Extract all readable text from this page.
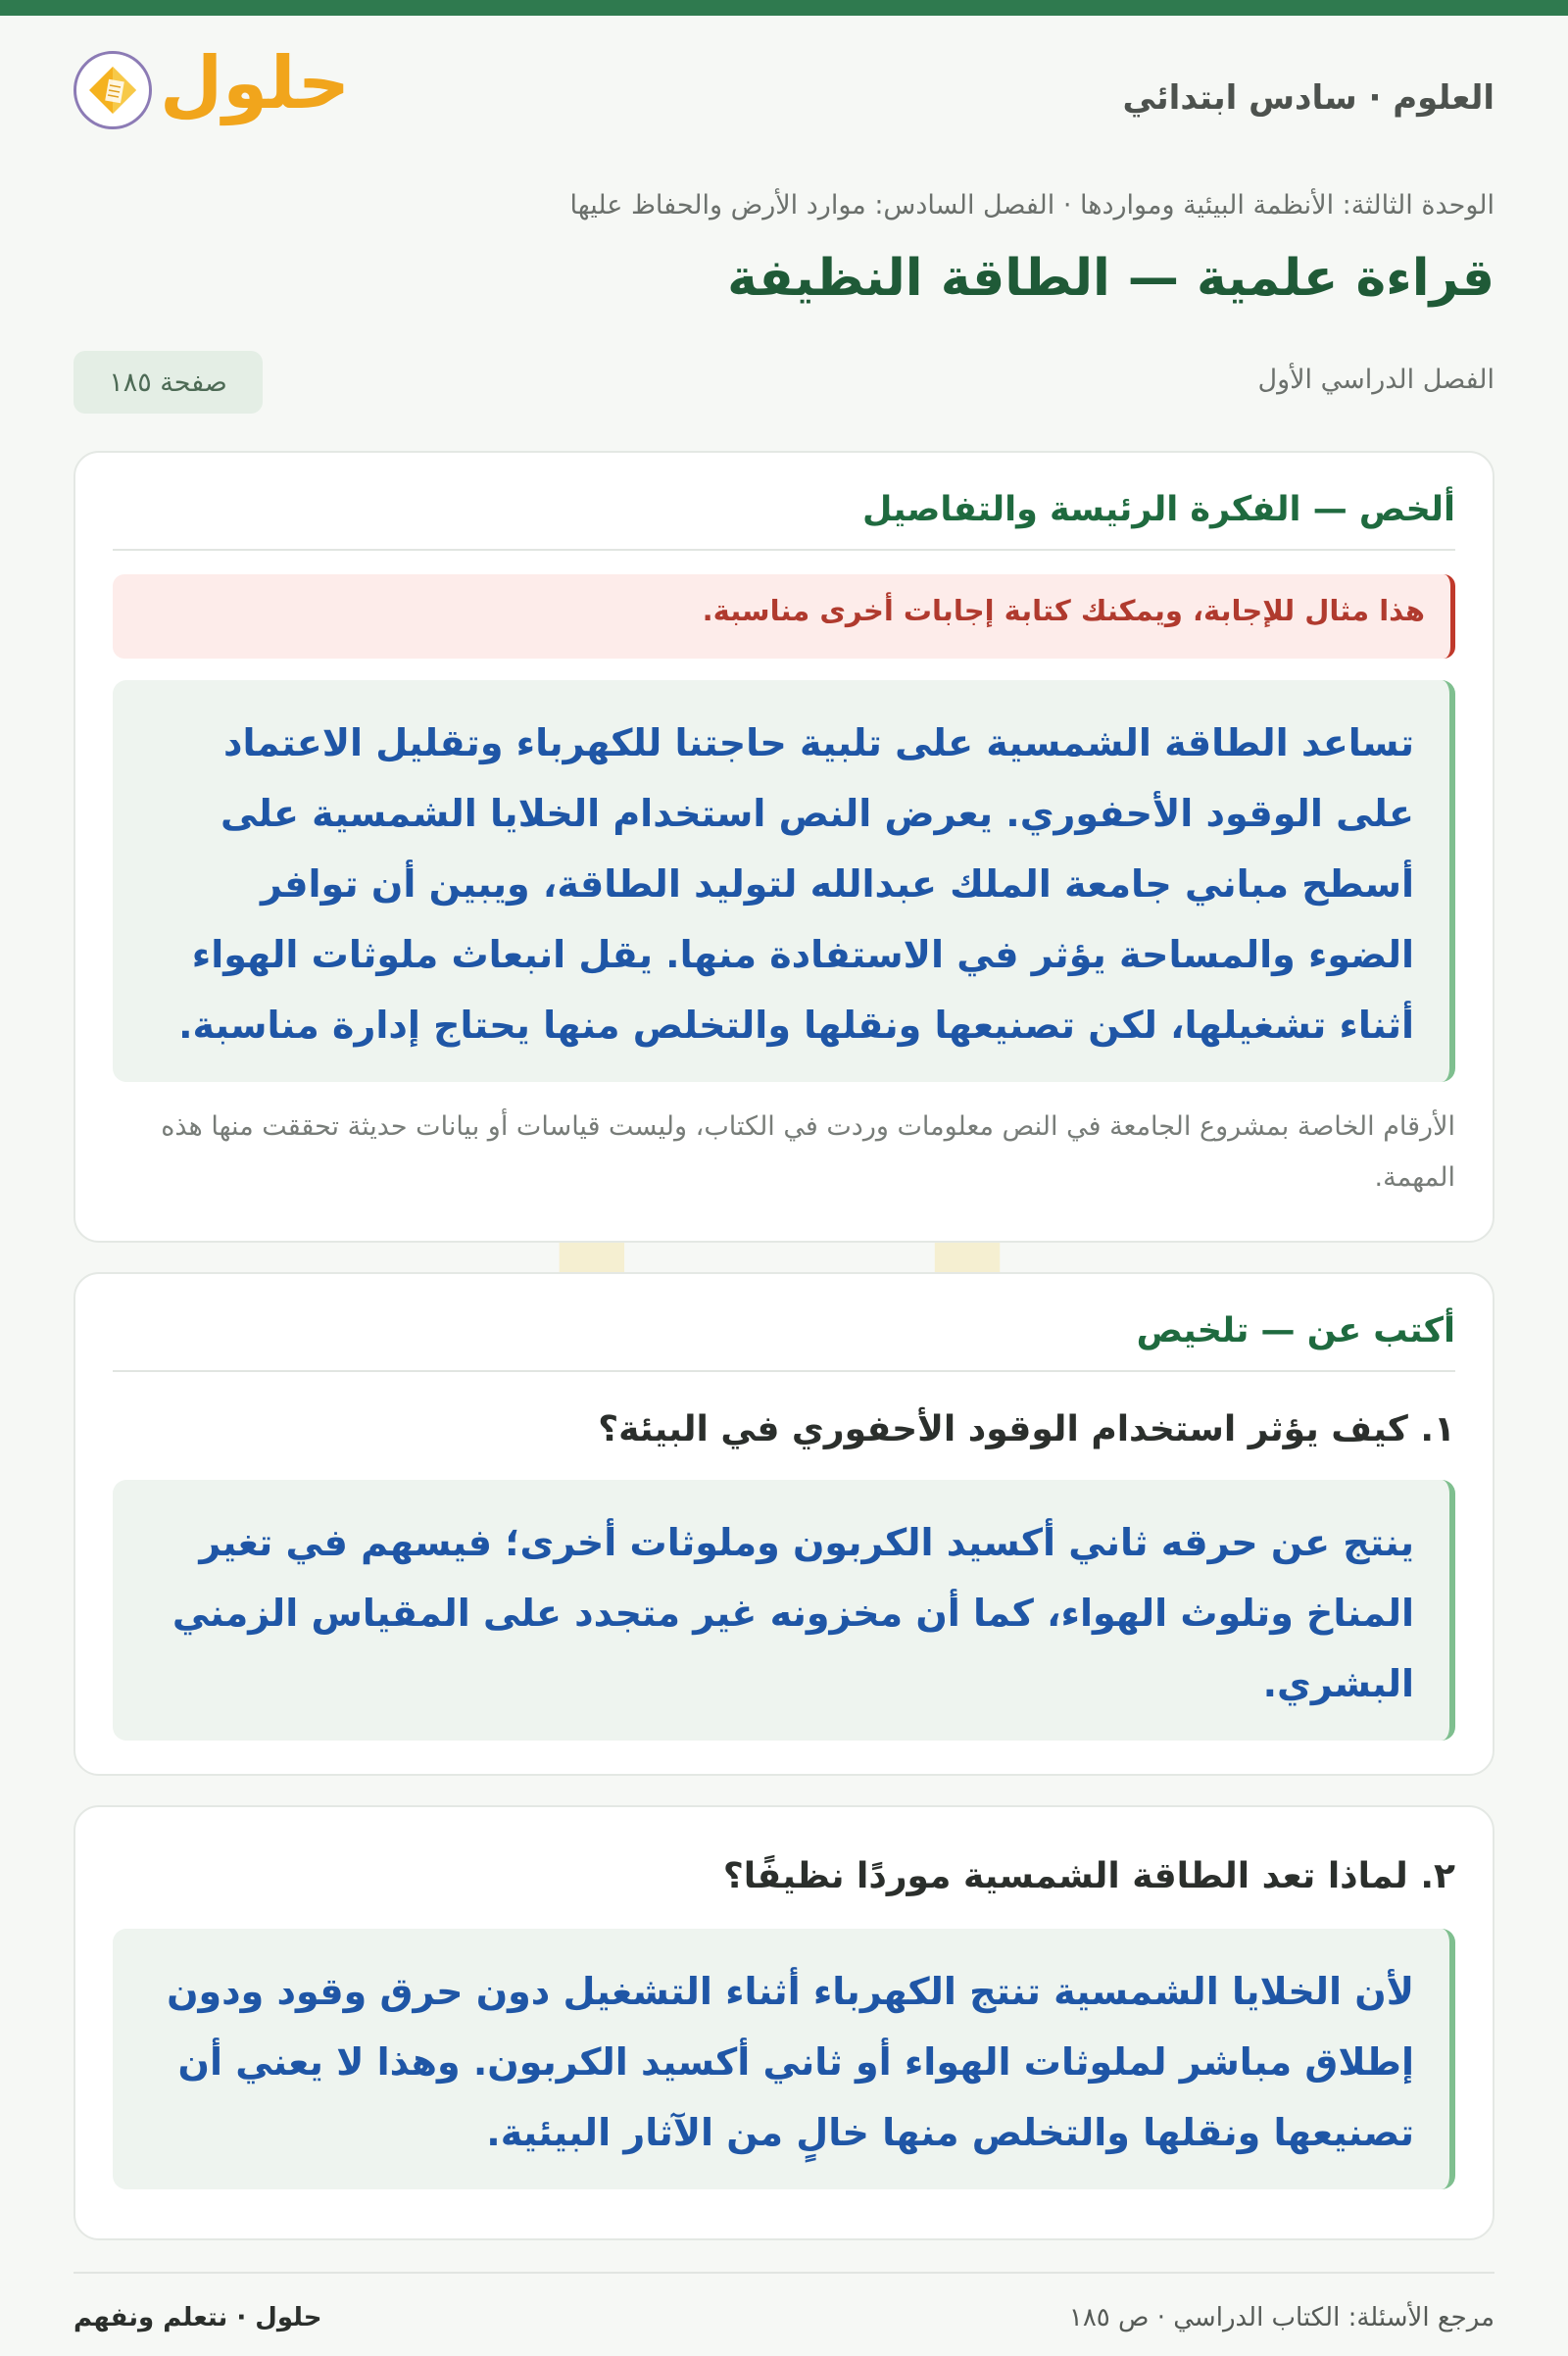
العلوم · سادس ابتدائي
حلول
الوحدة الثالثة: الأنظمة البيئية ومواردها · الفصل السادس: موارد الأرض والحفاظ عليها
قراءة علمية — الطاقة النظيفة
الفصل الدراسي الأول
صفحة ١٨٥
ألخص — الفكرة الرئيسة والتفاصيل
هذا مثال للإجابة، ويمكنك كتابة إجابات أخرى مناسبة.
تساعد الطاقة الشمسية على تلبية حاجتنا للكهرباء وتقليل الاعتماد على الوقود الأحفوري. يعرض النص استخدام الخلايا الشمسية على أسطح مباني جامعة الملك عبدالله لتوليد الطاقة، ويبين أن توافر الضوء والمساحة يؤثر في الاستفادة منها. يقل انبعاث ملوثات الهواء أثناء تشغيلها، لكن تصنيعها ونقلها والتخلص منها يحتاج إدارة مناسبة.
الأرقام الخاصة بمشروع الجامعة في النص معلومات وردت في الكتاب، وليست قياسات أو بيانات حديثة تحققت منها هذه المهمة.
أكتب عن — تلخيص
١. كيف يؤثر استخدام الوقود الأحفوري في البيئة؟
ينتج عن حرقه ثاني أكسيد الكربون وملوثات أخرى؛ فيسهم في تغير المناخ وتلوث الهواء، كما أن مخزونه غير متجدد على المقياس الزمني البشري.
٢. لماذا تعد الطاقة الشمسية موردًا نظيفًا؟
لأن الخلايا الشمسية تنتج الكهرباء أثناء التشغيل دون حرق وقود ودون إطلاق مباشر لملوثات الهواء أو ثاني أكسيد الكربون. وهذا لا يعني أن تصنيعها ونقلها والتخلص منها خالٍ من الآثار البيئية.
مرجع الأسئلة: الكتاب الدراسي · ص ١٨٥
حلول · نتعلم ونفهم
